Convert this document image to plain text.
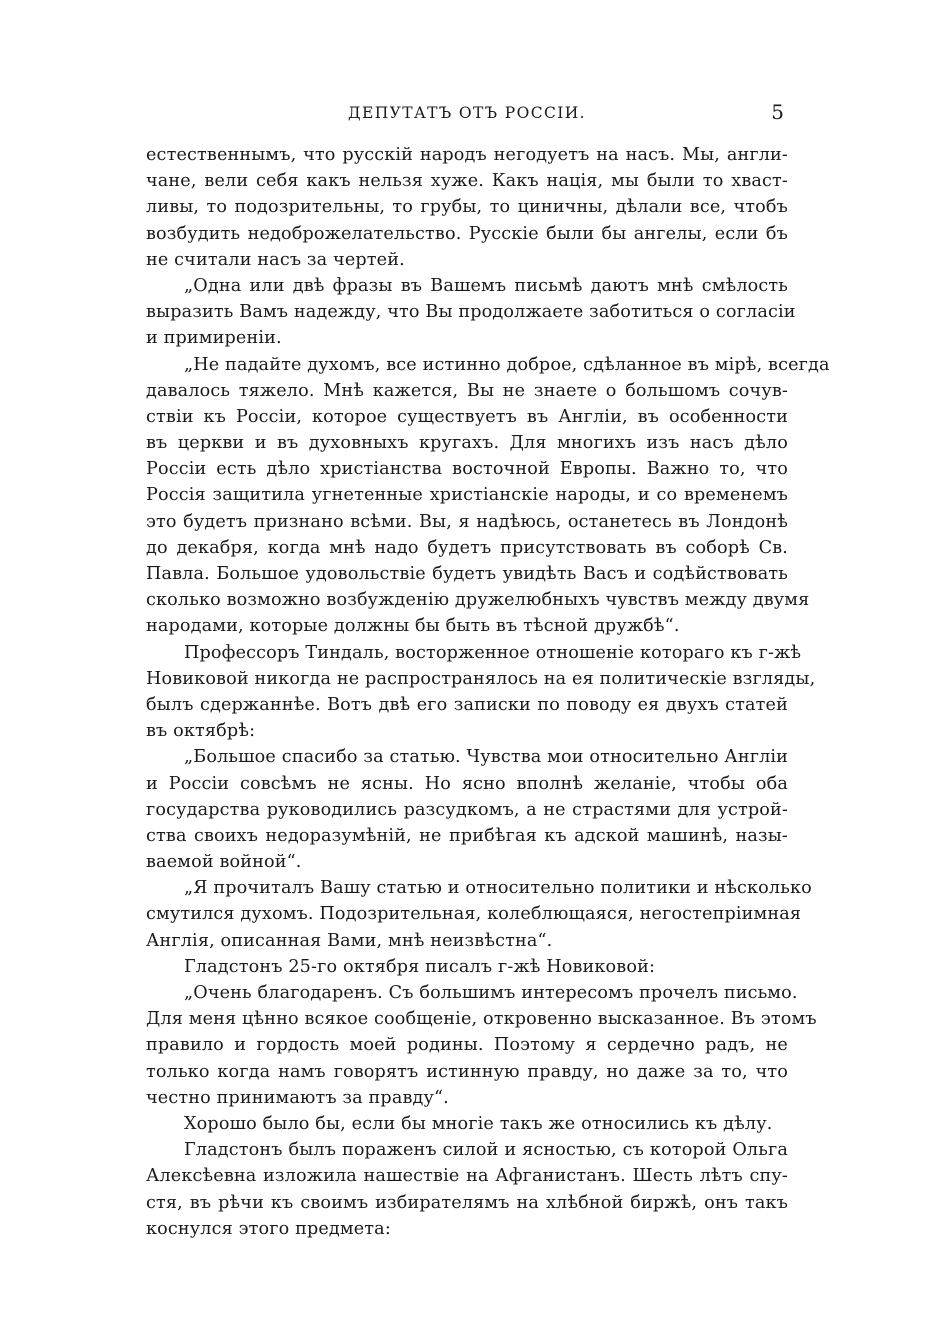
ДЕПУТАТЪ ОТЪ РОССІИ.	5
естественнымъ, что русскій народъ негодуетъ на насъ. Мы, англи-
чане, вели себя какъ нельзя хуже. Какъ нація, мы были то хваст-
ливы, то подозрительны, то грубы, то циничны, дѣлали все, чтобъ
возбудить недоброжелательство. Русскіе были бы ангелы, если бъ
не считали насъ за чертей.
„Одна или двѣ фразы въ Вашемъ письмѣ даютъ мнѣ смѣлость
выразить Вамъ надежду, что Вы продолжаете заботиться о согласіи
и примиреніи.
„Не падайте духомъ, все истинно доброе, сдѣланное въ мірѣ, всегда
давалось тяжело. Мнѣ кажется, Вы не знаете о большомъ сочув-
ствіи къ Россіи, которое существуетъ въ Англіи, въ особенности
въ церкви и въ духовныхъ кругахъ. Для многихъ изъ насъ дѣло
Россіи есть дѣло христіанства восточной Европы. Важно то, что
Россія защитила угнетенные христіанскіе народы, и со временемъ
это будетъ признано всѣми. Вы, я надѣюсь, останетесь въ Лондонѣ
до декабря, когда мнѣ надо будетъ присутствовать въ соборѣ Св.
Павла. Большое удовольствіе будетъ увидѣть Васъ и содѣйствовать
сколько возможно возбужденію дружелюбныхъ чувствъ между двумя
народами, которые должны бы быть въ тѣсной дружбѣ“.
Профессоръ Тиндаль, восторженное отношеніе котораго къ г-жѣ
Новиковой никогда не распространялось на ея политическіе взгляды,
былъ сдержаннѣе. Вотъ двѣ его записки по поводу ея двухъ статей
въ октябрѣ:
„Большое спасибо за статью. Чувства мои относительно Англіи
и Россіи совсѣмъ не ясны. Но ясно вполнѣ желаніе, чтобы оба
государства руководились разсудкомъ, а не страстями для устрой-
ства своихъ недоразумѣній, не прибѣгая къ адской машинѣ, назы-
ваемой войной“.
„Я прочиталъ Вашу статью и относительно политики и нѣсколько
смутился духомъ. Подозрительная, колеблющаяся, негостепріимная
Англія, описанная Вами, мнѣ неизвѣстна“.
Гладстонъ 25-го октября писалъ г-жѣ Новиковой:
„Очень благодаренъ. Съ большимъ интересомъ прочелъ письмо.
Для меня цѣнно всякое сообщеніе, откровенно высказанное. Въ этомъ
правило и гордость моей родины. Поэтому я сердечно радъ, не
только когда намъ говорятъ истинную правду, но даже за то, что
честно принимаютъ за правду“.
Хорошо было бы, если бы многіе такъ же относились къ дѣлу.
Гладстонъ былъ пораженъ силой и ясностью, съ которой Ольга
Алексѣевна изложила нашествіе на Афганистанъ. Шесть лѣтъ спу-
стя, въ рѣчи къ своимъ избирателямъ на хлѣбной биржѣ, онъ такъ
коснулся этого предмета:
